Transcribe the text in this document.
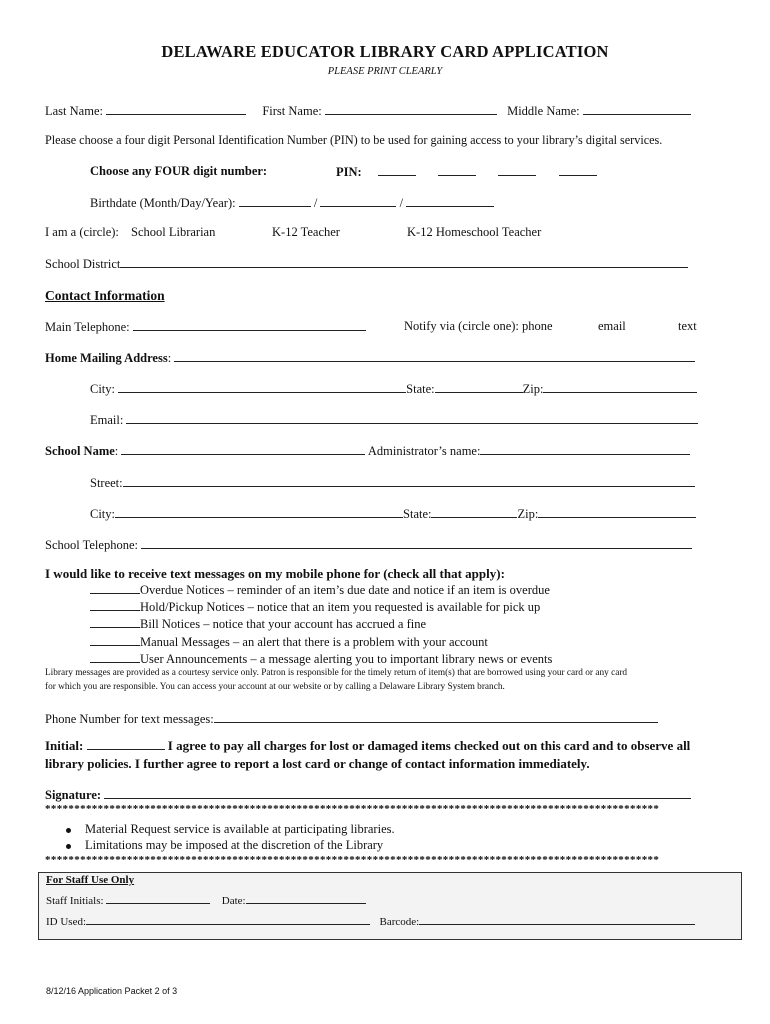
DELAWARE EDUCATOR LIBRARY CARD APPLICATION
PLEASE PRINT CLEARLY
Last Name:	First Name:	Middle Name:
Please choose a four digit Personal Identification Number (PIN) to be used for gaining access to your library’s digital services.
Choose any FOUR digit number:	PIN:
Birthdate (Month/Day/Year):	/	/
I am a (circle): School Librarian	K-12 Teacher	K-12 Homeschool Teacher
School District
Contact Information
Main Telephone:	Notify via (circle one): phone	email	text
Home Mailing Address:
City:	State:	Zip:
Email:
School Name:	Administrator’s name:
Street:
City:	State:	Zip:
School Telephone:
I would like to receive text messages on my mobile phone for (check all that apply):
Overdue Notices – reminder of an item’s due date and notice if an item is overdue
Hold/Pickup Notices – notice that an item you requested is available for pick up
Bill Notices – notice that your account has accrued a fine
Manual Messages – an alert that there is a problem with your account
User Announcements – a message alerting you to important library news or events
Library messages are provided as a courtesy service only. Patron is responsible for the timely return of item(s) that are borrowed using your card or any card
for which you are responsible. You can access your account at our website or by calling a Delaware Library System branch.
Phone Number for text messages:
Initial:	I agree to pay all charges for lost or damaged items checked out on this card and to observe all
library policies. I further agree to report a lost card or change of contact information immediately.
Signature:
*********************************************************************************************************
Material Request service is available at participating libraries.
Limitations may be imposed at the discretion of the Library
*********************************************************************************************************
For Staff Use Only
Staff Initials:	Date:
ID Used:	Barcode:
8/12/16 Application Packet 2 of 3
